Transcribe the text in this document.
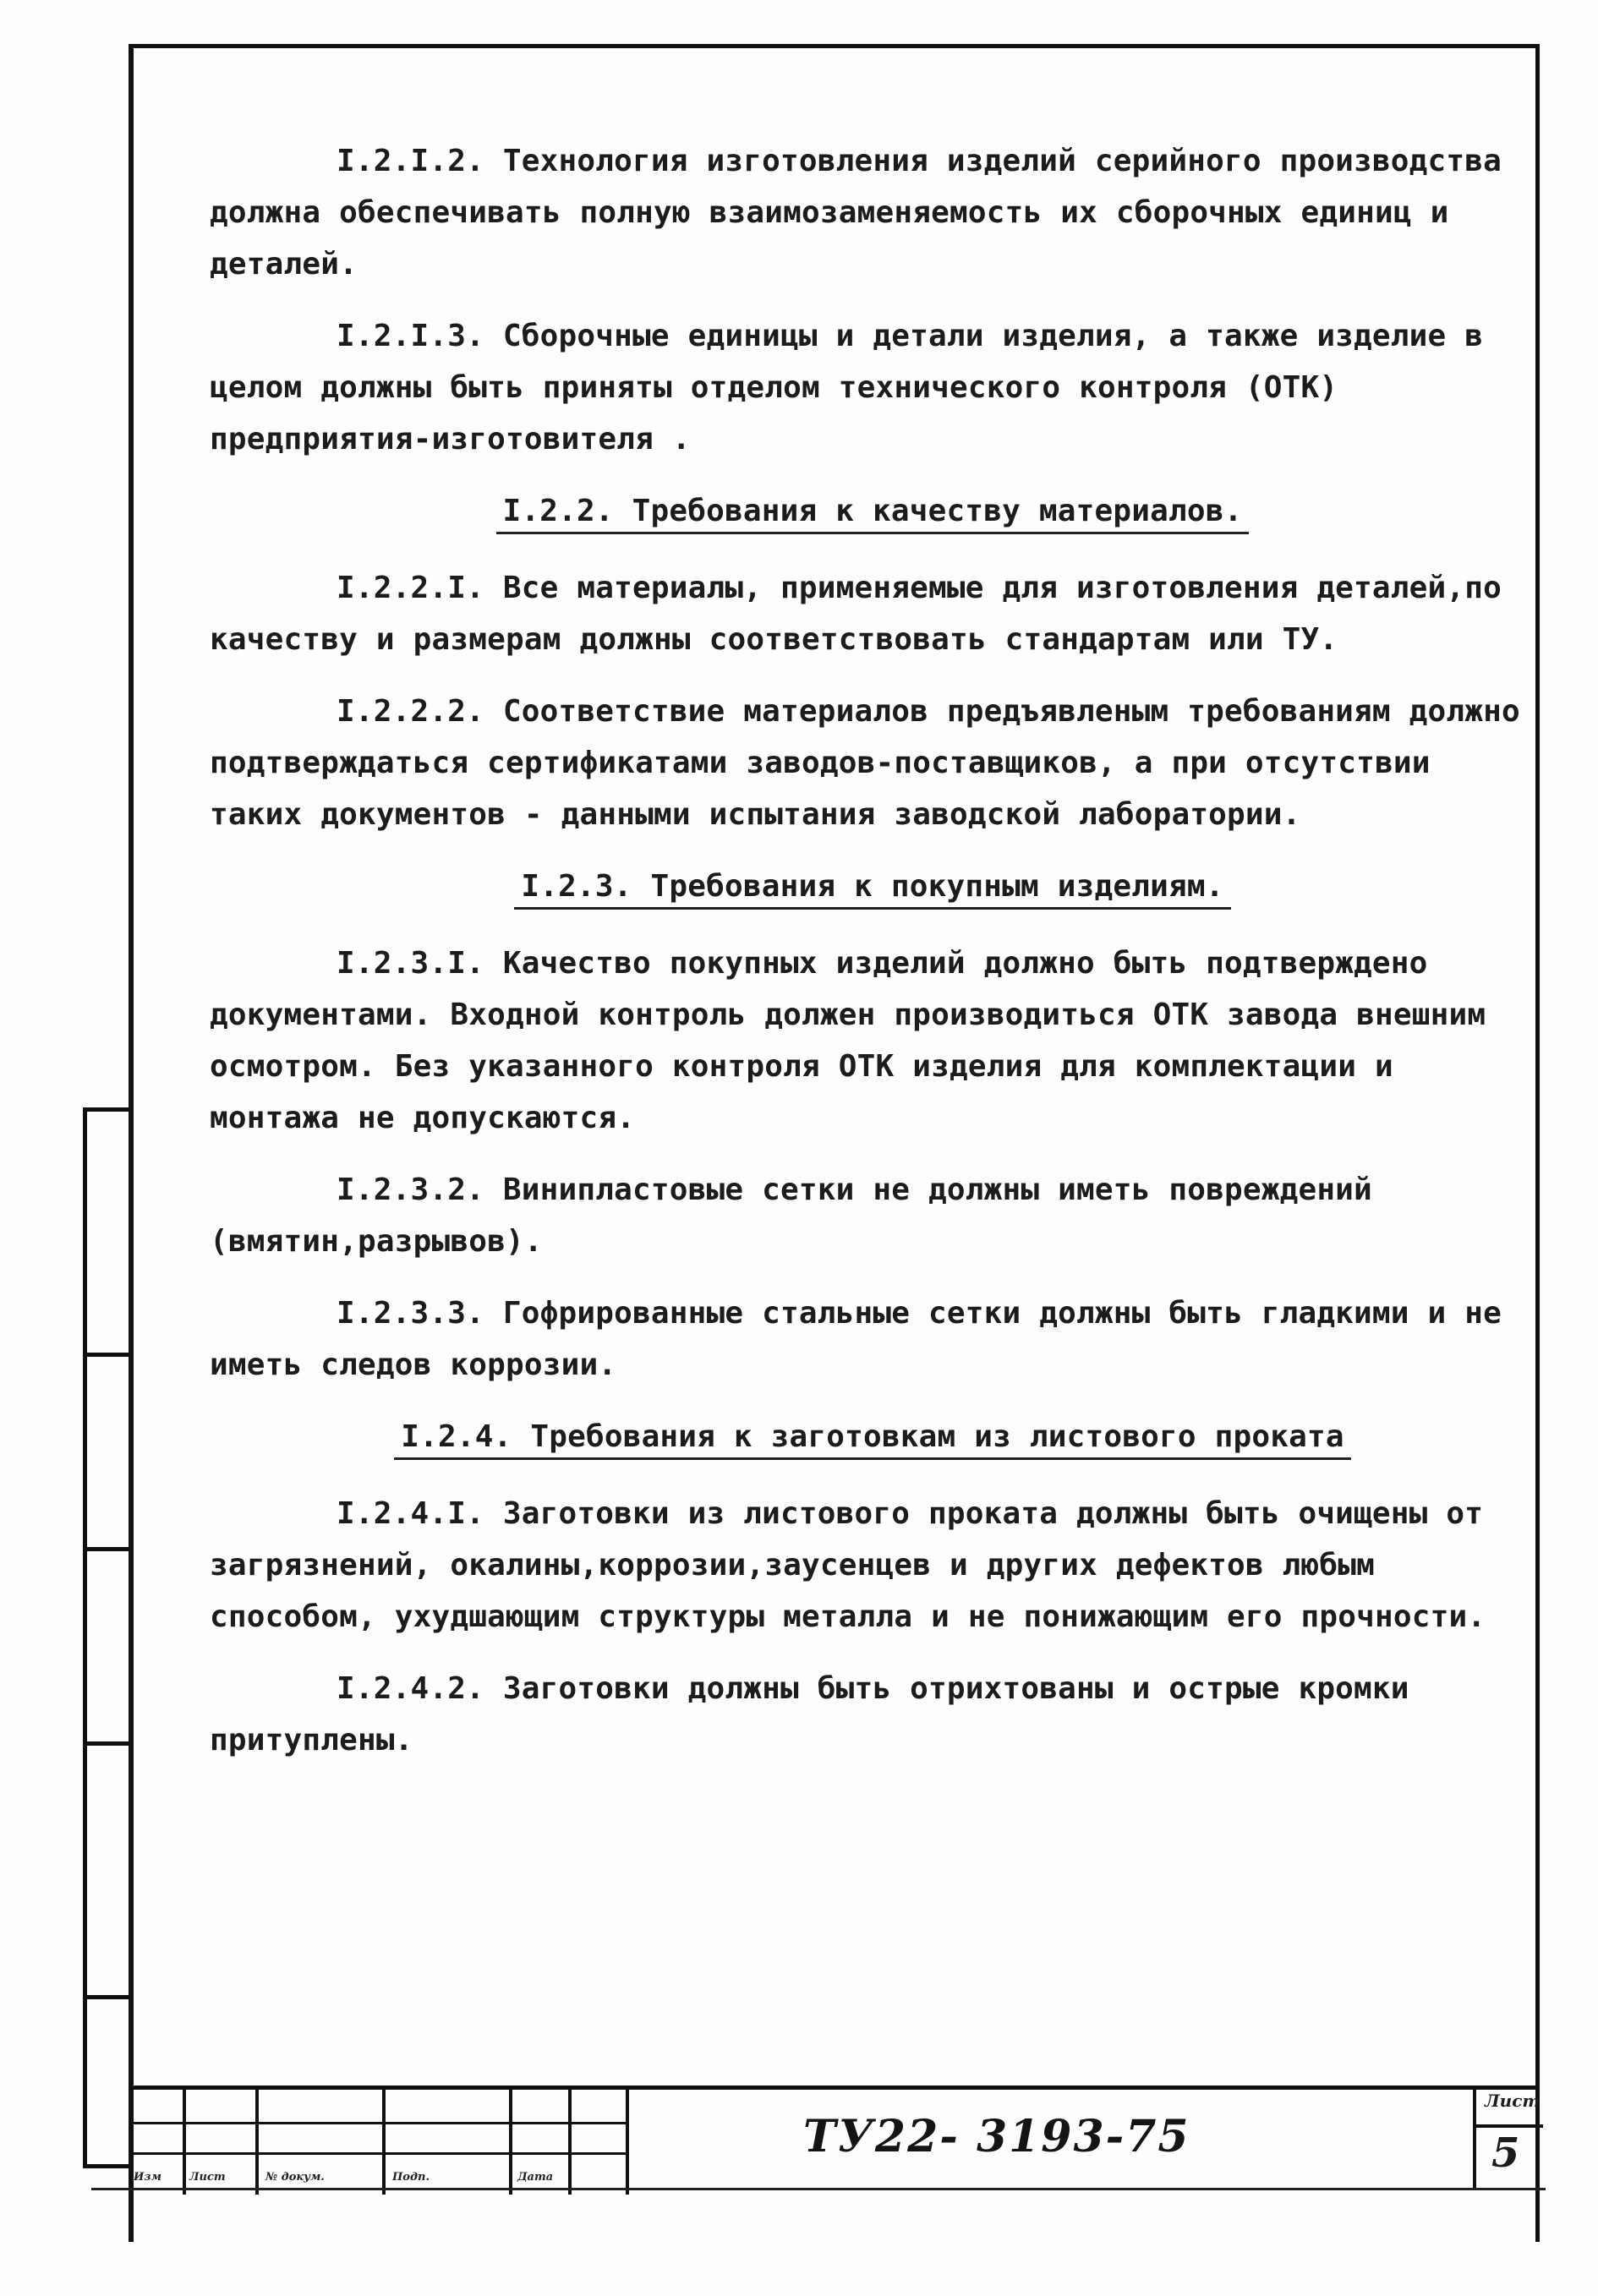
I.2.I.2. Технология изготовления изделий серийного производства должна обеспечивать полную взаимозаменяемость их сборочных единиц и деталей.

I.2.I.3. Сборочные единицы и детали изделия, а также изделие в целом должны быть приняты отделом технического контроля (ОТК) предприятия-изготовителя .

I.2.2. Требования к качеству материалов.

I.2.2.I. Все материалы, применяемые для изготовления деталей,по качеству и размерам должны соответствовать стандартам или ТУ.

I.2.2.2. Соответствие материалов предъявленым требованиям должно подтверждаться сертификатами заводов-поставщиков, а при отсутствии таких документов - данными испытания заводской лаборатории.

I.2.3. Требования к покупным изделиям.

I.2.3.I. Качество покупных изделий должно быть подтверждено документами. Входной контроль должен производиться ОТК завода внешним осмотром. Без указанного контроля ОТК изделия для комплектации и монтажа не допускаются.

I.2.3.2. Винипластовые сетки не должны иметь повреждений (вмятин,разрывов).

I.2.3.3. Гофрированные стальные сетки должны быть гладкими и не иметь следов коррозии.

I.2.4. Требования к заготовкам из листового проката

I.2.4.I. Заготовки из листового проката должны быть очищены от загрязнений, окалины,коррозии,заусенцев и других дефектов любым способом, ухудшающим структуры металла и не понижающим его прочности.

I.2.4.2. Заготовки должны быть отрихтованы и острые кромки притуплены.

Изм	Лист	№ докум.	Подп.	Дата
ТУ22- 3193-75
Лист
5
